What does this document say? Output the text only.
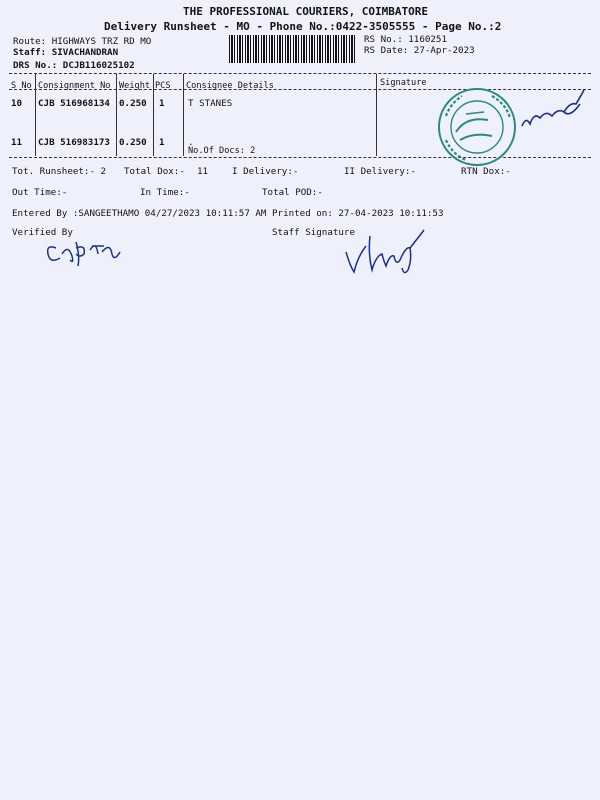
THE PROFESSIONAL COURIERS, COIMBATORE
Delivery Runsheet - MO - Phone No.:0422-3505555 - Page No.:2
Route: HIGHWAYS TRZ RD MO
Staff: SIVACHANDRAN
DRS No.: DCJB116025102
RS No.: 1160251
RS Date: 27-Apr-2023
S No Consignment No Weight PCS Consignee Details	Signature
10 CJB 516968134 0.250 1	T STANES
11 CJB 516983173 0.250 1	.
No.Of Docs: 2
Tot. Runsheet:- 2 Total Dox:- 11	I Delivery:-	II Delivery:-	RTN Dox:-
Out Time:-	In Time:-	Total POD:-
Entered By :SANGEETHAMO 04/27/2023 10:11:57 AM Printed on: 27-04-2023 10:11:53
Verified By	Staff Signature
